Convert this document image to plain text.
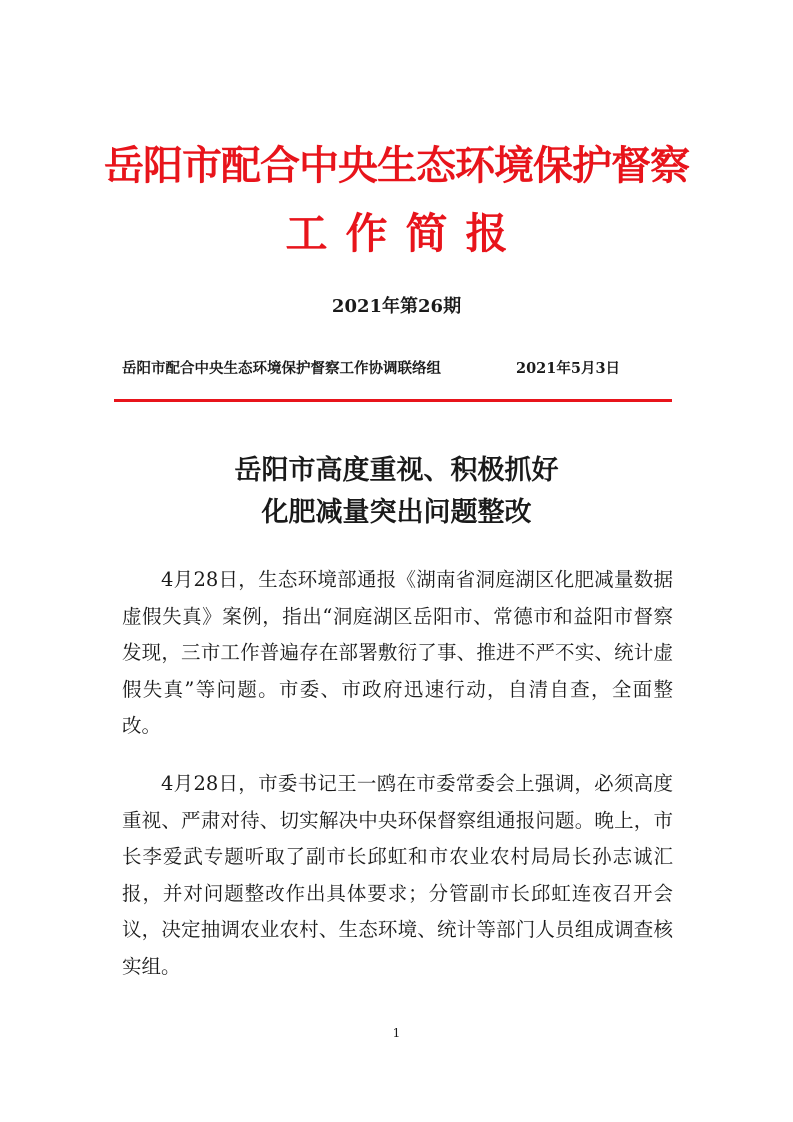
岳阳市配合中央生态环境保护督察
工作简报
2021年第26期
岳阳市配合中央生态环境保护督察工作协调联络组	2021年5月3日
岳阳市高度重视、积极抓好
化肥减量突出问题整改

4月28日，生态环境部通报《湖南省洞庭湖区化肥减量数据虚假失真》案例，指出“洞庭湖区岳阳市、常德市和益阳市督察发现，三市工作普遍存在部署敷衍了事、推进不严不实、统计虚假失真”等问题。市委、市政府迅速行动，自清自查，全面整改。

4月28日，市委书记王一鸥在市委常委会上强调，必须高度重视、严肃对待、切实解决中央环保督察组通报问题。晚上，市长李爱武专题听取了副市长邱虹和市农业农村局局长孙志诚汇报，并对问题整改作出具体要求；分管副市长邱虹连夜召开会议，决定抽调农业农村、生态环境、统计等部门人员组成调查核实组。

1
